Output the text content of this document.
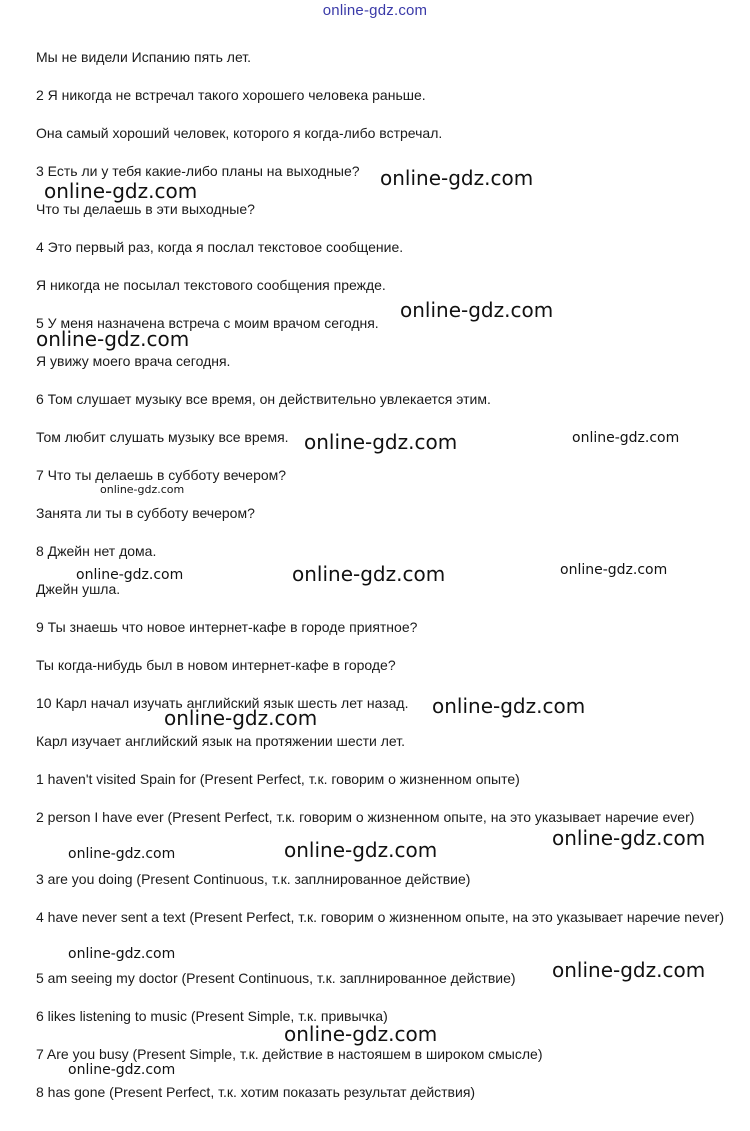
online-gdz.com
Мы не видели Испанию пять лет.
2 Я никогда не встречал такого хорошего человека раньше.
Она самый хороший человек, которого я когда-либо встречал.
3 Есть ли у тебя какие-либо планы на выходные?
Что ты делаешь в эти выходные?
4 Это первый раз, когда я послал текстовое сообщение.
Я никогда не посылал текстового сообщения прежде.
5 У меня назначена встреча с моим врачом сегодня.
Я увижу моего врача сегодня.
6 Том слушает музыку все время, он действительно увлекается этим.
Том любит слушать музыку все время.
7 Что ты делаешь в субботу вечером?
Занята ли ты в субботу вечером?
8 Джейн нет дома.
Джейн ушла.
9 Ты знаешь что новое интернет-кафе в городе приятное?
Ты когда-нибудь был в новом интернет-кафе в городе?
10 Карл начал изучать английский язык шесть лет назад.
Карл изучает английский язык на протяжении шести лет.
1 haven't visited Spain for (Present Perfect, т.к. говорим о жизненном опыте)
2 person I have ever (Present Perfect, т.к. говорим о жизненном опыте, на это указывает наречие ever)
3 are you doing (Present Continuous, т.к. заплнированное действие)
4 have never sent a text (Present Perfect, т.к. говорим о жизненном опыте, на это указывает наречие never)
5 am seeing my doctor (Present Continuous, т.к. заплнированное действие)
6 likes listening to music (Present Simple, т.к. привычка)
7 Are you busy (Present Simple, т.к. действие в настояшем в широком смысле)
8 has gone (Present Perfect, т.к. хотим показать результат действия)
online-gdz.com
online-gdz.com
online-gdz.com
online-gdz.com
online-gdz.com	online-gdz.com
online-gdz.com
online-gdz.com	online-gdz.com
online-gdz.com
online-gdz.com
online-gdz.com
online-gdz.com
online-gdz.com
online-gdz.com
online-gdz.com
online-gdz.com
online-gdz.com
online-gdz.com
